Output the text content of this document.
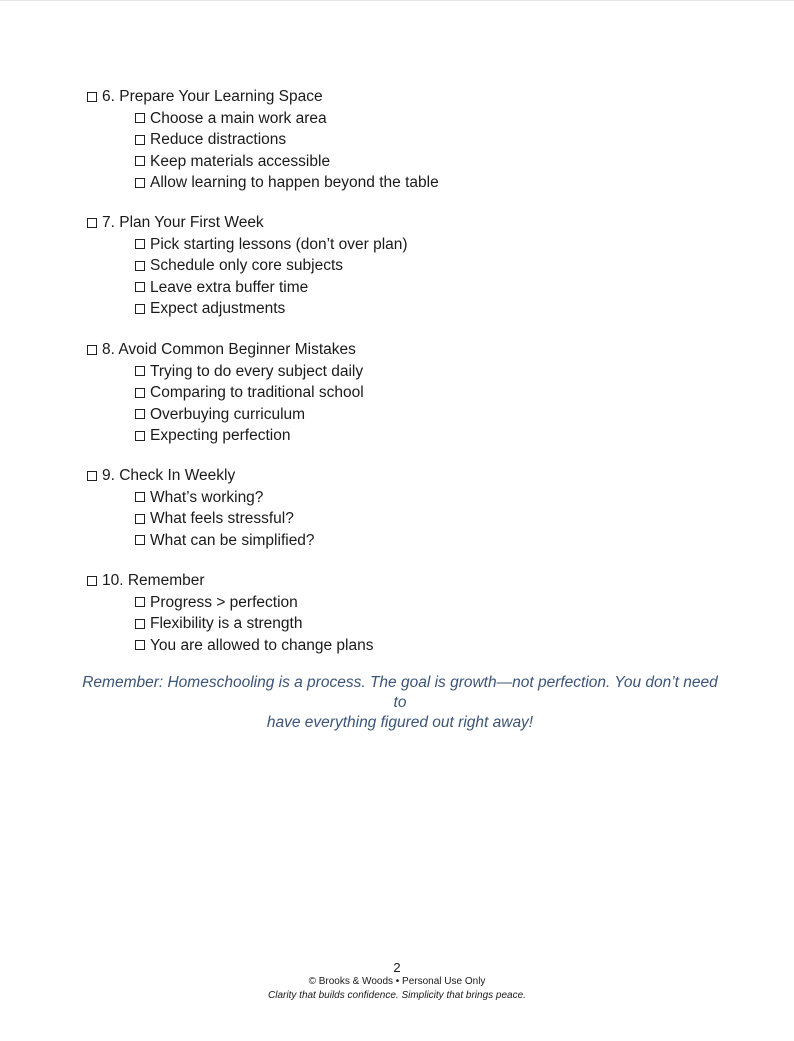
6. Prepare Your Learning Space
Choose a main work area
Reduce distractions
Keep materials accessible
Allow learning to happen beyond the table
7. Plan Your First Week
Pick starting lessons (don’t over plan)
Schedule only core subjects
Leave extra buffer time
Expect adjustments
8. Avoid Common Beginner Mistakes
Trying to do every subject daily
Comparing to traditional school
Overbuying curriculum
Expecting perfection
9. Check In Weekly
What’s working?
What feels stressful?
What can be simplified?
10. Remember
Progress > perfection
Flexibility is a strength
You are allowed to change plans
Remember: Homeschooling is a process. The goal is growth—not perfection. You don’t need to
have everything figured out right away!
2
© Brooks & Woods • Personal Use Only
Clarity that builds confidence. Simplicity that brings peace.
